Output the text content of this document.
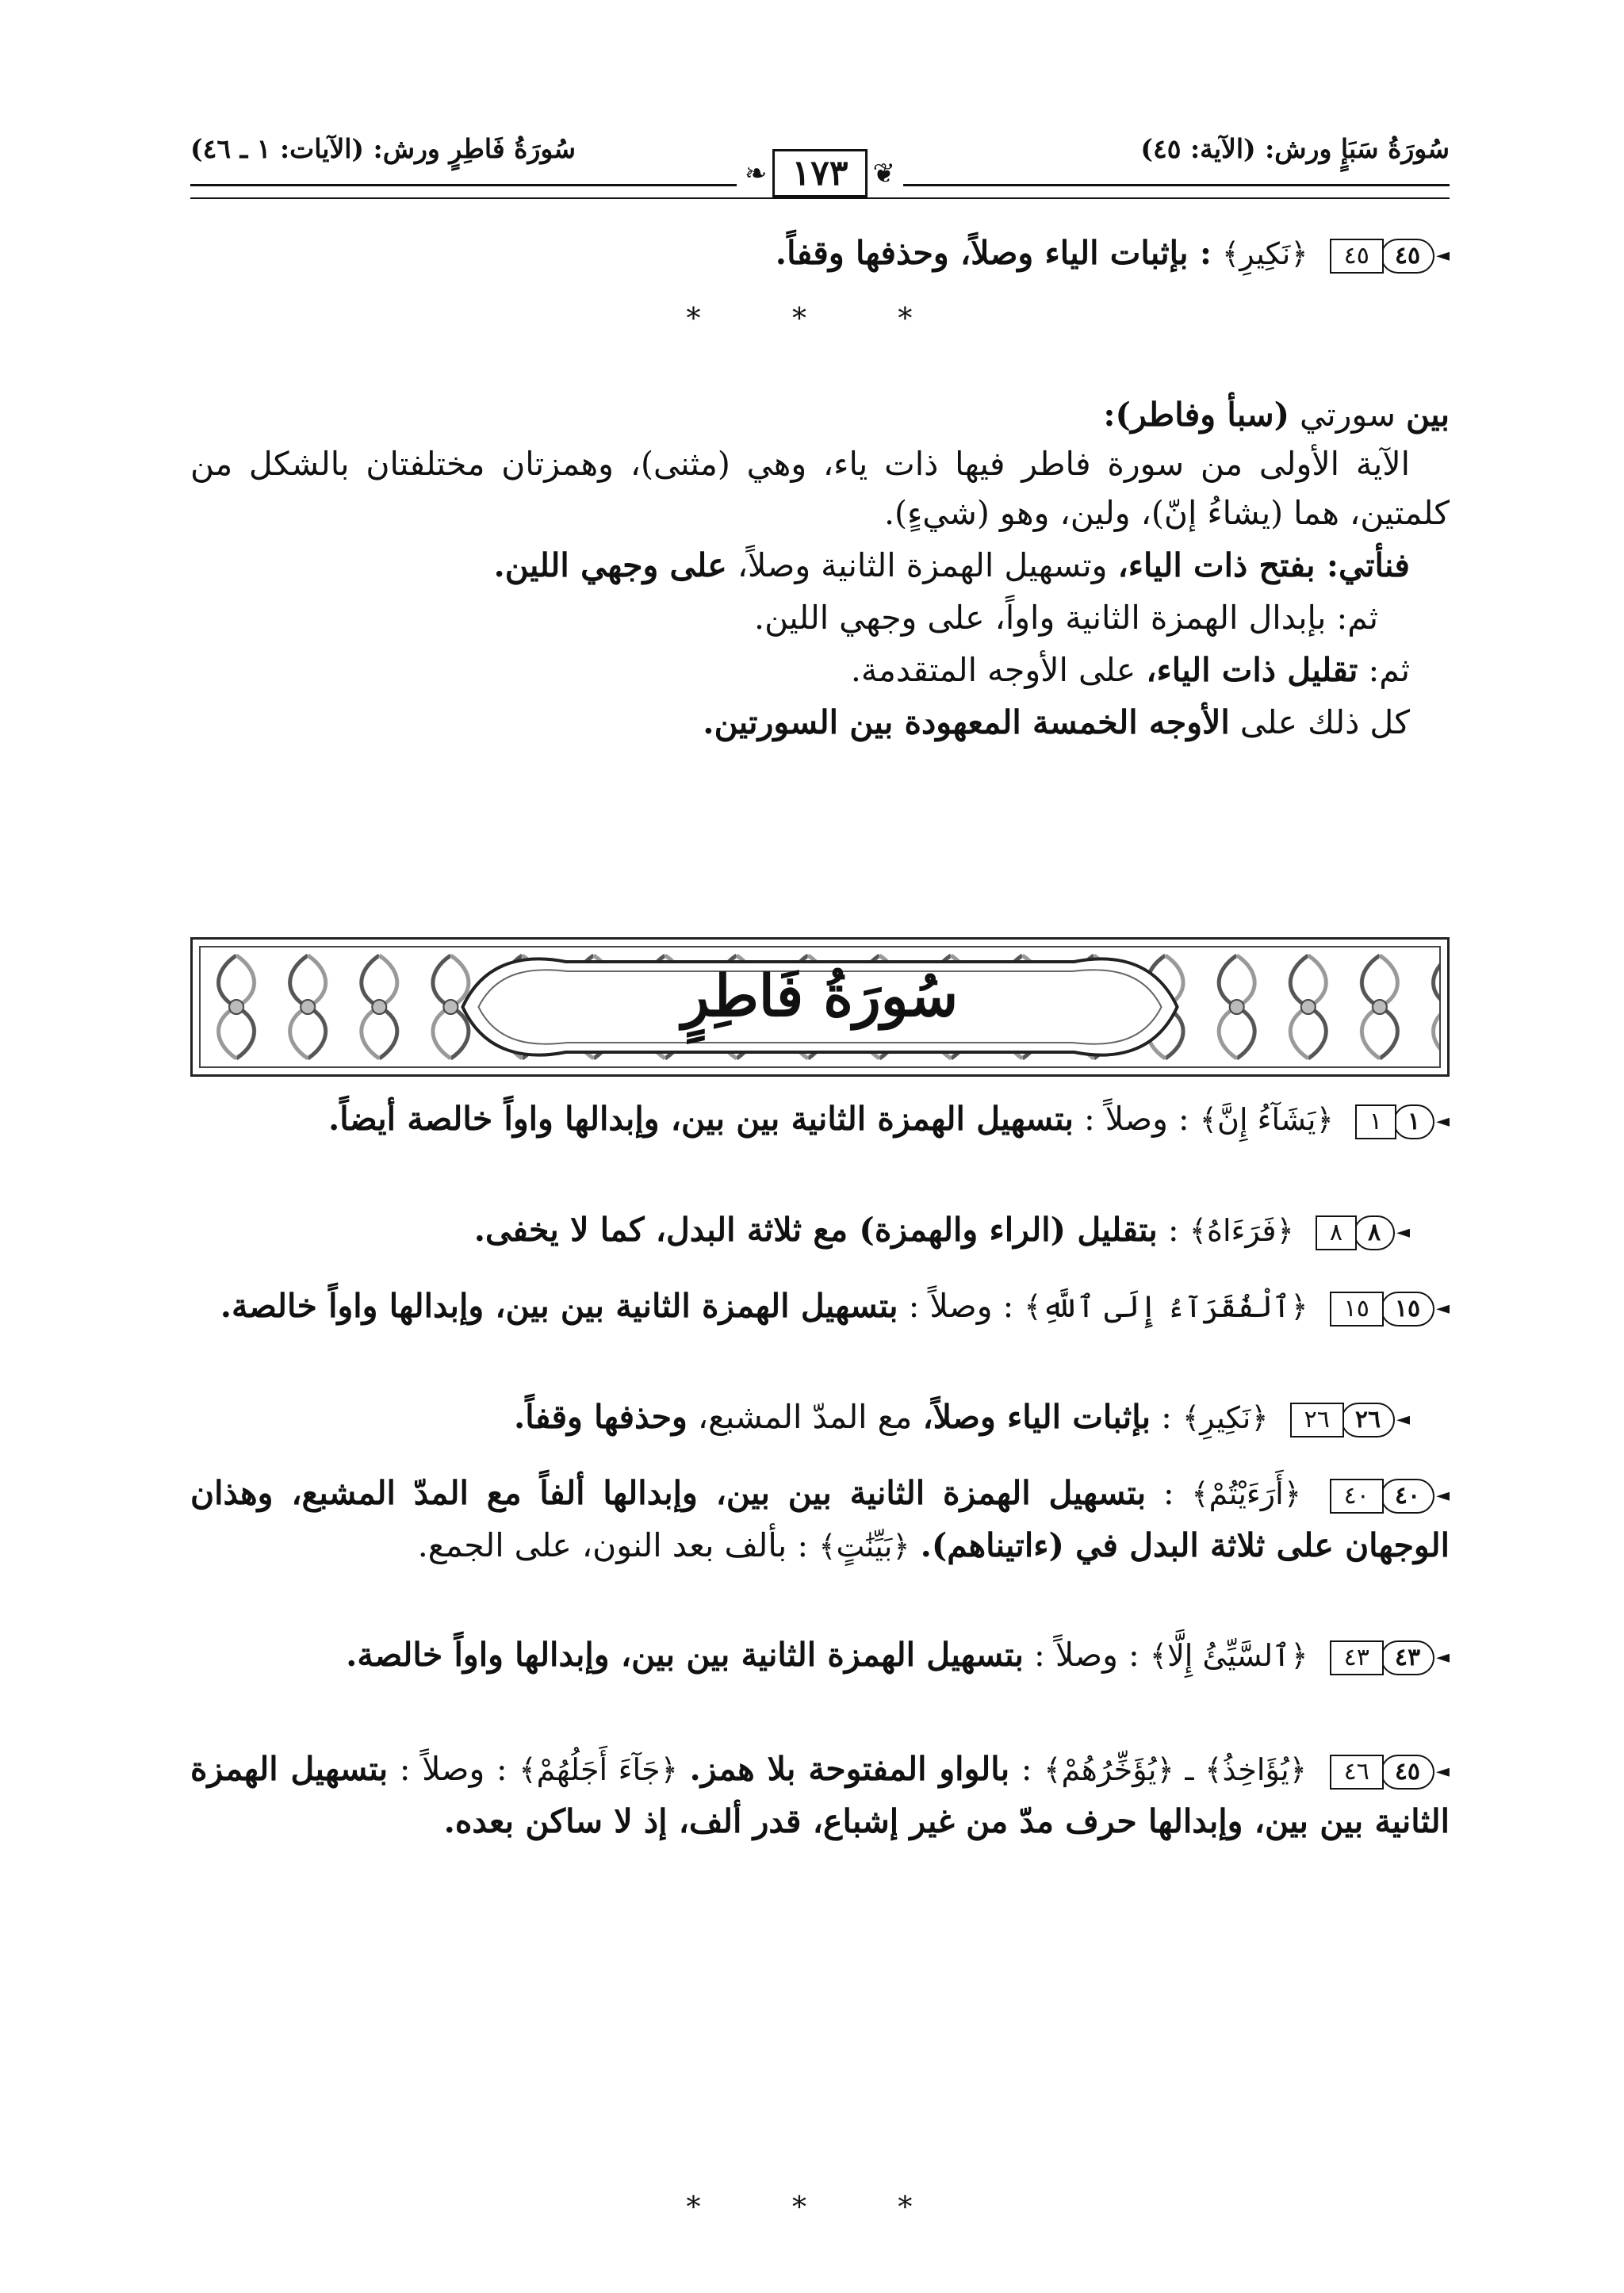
سُورَةُ سَبَإٍ ورش: (الآية: ٤٥)
سُورَةُ فَاطِرٍ ورش: (الآيات: ١ ـ ٤٦)
❦
١٧٣
❧
◄
٤٥
٤٥
﴿نَكِيرِ﴾ : بإثبات الياء وصلاً، وحذفها وقفاً.
* * *
بين سورتي (سبأ وفاطر):
الآية الأولى من سورة فاطر فيها ذات ياء، وهي (مثنى)، وهمزتان مختلفتان بالشكل من كلمتين، هما (يشاءُ إنّ)، ولين، وهو (شيءٍ).
فنأتي: بفتح ذات الياء، وتسهيل الهمزة الثانية وصلاً، على وجهي اللين.
ثم: بإبدال الهمزة الثانية واواً، على وجهي اللين.
ثم: تقليل ذات الياء، على الأوجه المتقدمة.
كل ذلك على الأوجه الخمسة المعهودة بين السورتين.
سُورَةُ فَاطِرٍ
◄
١
١
﴿يَشَآءُ إِنَّ﴾ : وصلاً : بتسهيل الهمزة الثانية بين بين، وإبدالها واواً خالصة أيضاً.
◄
٨
٨
﴿فَرَءَاهُ﴾ : بتقليل (الراء والهمزة) مع ثلاثة البدل، كما لا يخفى.
◄
١٥
١٥
﴿ٱلْفُقَرَآءُ إِلَى ٱللَّهِ﴾ : وصلاً : بتسهيل الهمزة الثانية بين بين، وإبدالها واواً خالصة.
◄
٢٦
٢٦
﴿نَكِيرِ﴾ : بإثبات الياء وصلاً، مع المدّ المشبع، وحذفها وقفاً.
◄
٤٠
٤٠
﴿أَرَءَيْتُمْ﴾ : بتسهيل الهمزة الثانية بين بين، وإبدالها ألفاً مع المدّ المشبع، وهذان الوجهان على ثلاثة البدل في (ءاتيناهم). ﴿بَيِّنَٰتٍ﴾ : بألف بعد النون، على الجمع.
◄
٤٣
٤٣
﴿ٱلسَّيِّئُ إِلَّا﴾ : وصلاً : بتسهيل الهمزة الثانية بين بين، وإبدالها واواً خالصة.
◄
٤٥
٤٦
﴿يُؤَاخِذُ﴾ ـ ﴿يُؤَخِّرُهُمْ﴾ : بالواو المفتوحة بلا همز. ﴿جَآءَ أَجَلُهُمْ﴾ : وصلاً : بتسهيل الهمزة الثانية بين بين، وإبدالها حرف مدّ من غير إشباع، قدر ألف، إذ لا ساكن بعده.
* * *
